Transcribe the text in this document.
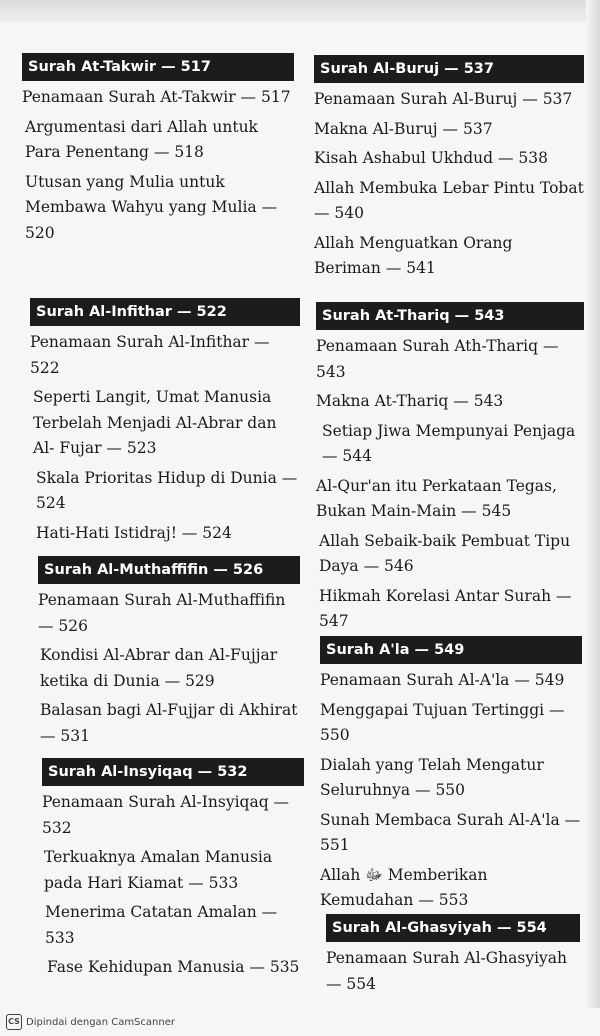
Surah At-Takwir — 517
Penamaan Surah At-Takwir — 517
Argumentasi dari Allah untuk Para Penentang — 518
Utusan yang Mulia untuk Membawa Wahyu yang Mulia — 520
Surah Al-Infithar — 522
Penamaan Surah Al-Infithar — 522
Seperti Langit, Umat Manusia Terbelah Menjadi Al-Abrar dan Al- Fujar — 523
Skala Prioritas Hidup di Dunia — 524
Hati-Hati Istidraj! — 524
Surah Al-Muthaffifin — 526
Penamaan Surah Al-Muthaffifin — 526
Kondisi Al-Abrar dan Al-Fujjar ketika di Dunia — 529
Balasan bagi Al-Fujjar di Akhirat — 531
Surah Al-Insyiqaq — 532
Penamaan Surah Al-Insyiqaq — 532
Terkuaknya Amalan Manusia pada Hari Kiamat — 533
Menerima Catatan Amalan — 533
Fase Kehidupan Manusia — 535
Surah Al-Buruj — 537
Penamaan Surah Al-Buruj — 537
Makna Al-Buruj — 537
Kisah Ashabul Ukhdud — 538
Allah Membuka Lebar Pintu Tobat — 540
Allah Menguatkan Orang Beriman — 541
Surah At-Thariq — 543
Penamaan Surah Ath-Thariq — 543
Makna At-Thariq — 543
Setiap Jiwa Mempunyai Penjaga — 544
Al-Qur'an itu Perkataan Tegas, Bukan Main-Main — 545
Allah Sebaik-baik Pembuat Tipu Daya — 546
Hikmah Korelasi Antar Surah — 547
Surah A'la — 549
Penamaan Surah Al-A'la — 549
Menggapai Tujuan Tertinggi — 550
Dialah yang Telah Mengatur Seluruhnya — 550
Sunah Membaca Surah Al-A'la — 551
Allah ﷻ Memberikan Kemudahan — 553
Surah Al-Ghasyiyah — 554
Penamaan Surah Al-Ghasyiyah — 554
CS Dipindai dengan CamScanner
